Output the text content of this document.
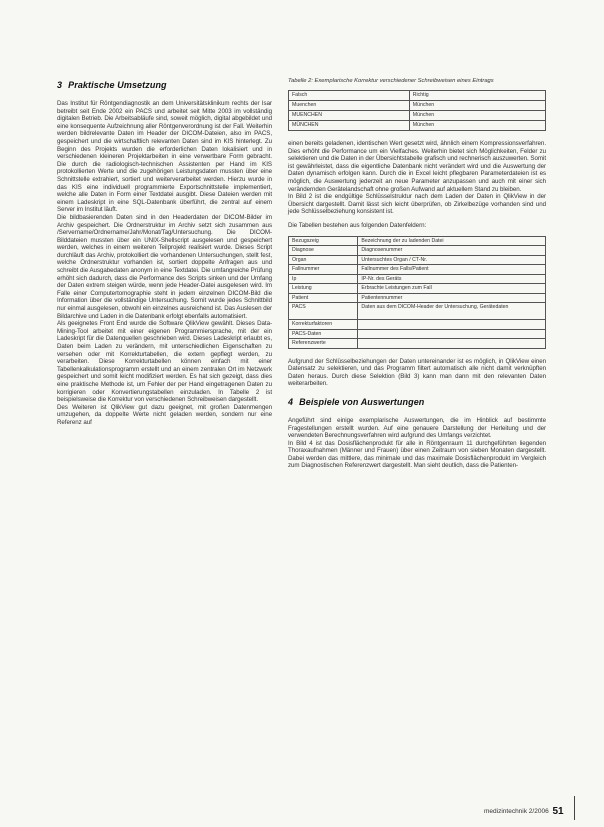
3 Praktische Umsetzung

Das Institut für Röntgendiagnostik an dem Universitätsklinikum rechts der Isar betreibt seit Ende 2002 ein PACS und arbeitet seit Mitte 2003 im vollständig digitalen Betrieb. Die Arbeitsabläufe sind, soweit möglich, digital abgebildet und eine konsequente Aufzeichnung aller Röntgenverordnung ist der Fall. Weiterhin werden bildrelevante Daten im Header der DICOM-Dateien, also im PACS, gespeichert und die wirtschaftlich relevanten Daten sind im KIS hinterlegt. Zu Beginn des Projekts wurden die erforderlichen Daten lokalisiert und in verschiedenen kleineren Projektarbeiten in eine verwertbare Form gebracht. Die durch die radiologisch-technischen Assistenten per Hand im KIS protokollierten Werte und die zugehörigen Leistungsdaten mussten über eine Schnittstelle extrahiert, sortiert und weiterverarbeitet werden. Hierzu wurde in das KIS eine individuell programmierte Exportschnittstelle implementiert, welche alle Daten in Form einer Textdatei ausgibt. Diese Dateien werden mit einem Ladeskript in eine SQL-Datenbank überführt, die zentral auf einem Server im Institut läuft.

Die bildbasierenden Daten sind in den Headerdaten der DICOM-Bilder im Archiv gespeichert. Die Ordnerstruktur im Archiv setzt sich zusammen aus /Servername/Ordnername/Jahr/Monat/Tag/Untersuchung. Die DICOM-Bilddateien mussten über ein UNIX-Shellscript ausgelesen und gespeichert werden, welches in einem weiteren Teilprojekt realisiert wurde. Dieses Script durchläuft das Archiv, protokolliert die vorhandenen Untersuchungen, stellt fest, welche Ordnerstruktur vorhanden ist, sortiert doppelte Anfragen aus und schreibt die Ausgabedaten anonym in eine Textdatei. Die umfangreiche Prüfung erhöht sich dadurch, dass die Performance des Scripts sinken und der Umfang der Daten extrem steigen würde, wenn jede Header-Datei ausgelesen wird. Im Falle einer Computertomographie steht in jedem einzelnen DICOM-Bild die Information über die vollständige Untersuchung. Somit wurde jedes Schnittbild nur einmal ausgelesen, obwohl ein einzelnes ausreichend ist. Das Auslesen der Bildarchive und Laden in die Datenbank erfolgt ebenfalls automatisiert.

Als geeignetes Front End wurde die Software QlikView gewählt. Dieses Data-Mining-Tool arbeitet mit einer eigenen Programmiersprache, mit der ein Ladeskript für die Datenquellen geschrieben wird. Dieses Ladeskript erlaubt es, Daten beim Laden zu verändern, mit unterschiedlichen Eigenschaften zu versehen oder mit Korrekturtabellen, die extern gepflegt werden, zu verarbeiten. Diese Korrekturtabellen können einfach mit einer Tabellenkalkulationsprogramm erstellt und an einem zentralen Ort im Netzwerk gespeichert und somit leicht modifiziert werden. Es hat sich gezeigt, dass dies eine praktische Methode ist, um Fehler der per Hand eingetragenen Daten zu korrigieren oder Konvertierungstabellen einzuladen. In Tabelle 2 ist beispielsweise die Korrektur von verschiedenen Schreibweisen dargestellt.

Des Weiteren ist QlikView gut dazu geeignet, mit großen Datenmengen umzugehen, da doppelte Werte nicht geladen werden, sondern nur eine Referenz auf

Tabelle 2: Exemplarische Korrektur verschiedener Schreibweisen eines Eintrags
Falsch	Richtig
Muenchen	München
MUENCHEN	München
MÜNCHEN	München

einen bereits geladenen, identischen Wert gesetzt wird, ähnlich einem Kompressionsverfahren. Dies erhöht die Performance um ein Vielfaches. Weiterhin bietet sich Möglichkeiten, Felder zu selektieren und die Daten in der Übersichtstabelle grafisch und rechnerisch auszuwerten. Somit ist gewährleistet, dass die eigentliche Datenbank nicht verändert wird und die Auswertung der Daten dynamisch erfolgen kann. Durch die in Excel leicht pflegbaren Parameterdateien ist es möglich, die Auswertung jederzeit an neue Parameter anzupassen und auch mit einer sich verändernden Gerätelandschaft ohne großen Aufwand auf aktuellem Stand zu bleiben.

In Bild 2 ist die endgültige Schlüsselstruktur nach dem Laden der Daten in QlikView in der Übersicht dargestellt. Damit lässt sich leicht überprüfen, ob Zirkelbezüge vorhanden sind und jede Schlüsselbeziehung konsistent ist.

Die Tabellen bestehen aus folgenden Datenfeldern:

Bezugszeig	Bezeichnung der zu ladenden Datei
Diagnose	Diagnosenummer
Organ	Untersuchtes Organ / CT-Nr.
Fallnummer	Fallnummer des Falls/Patient
Ip	IP-Nr. des Geräts
Leistung	Erbrachte Leistungen zum Fall
Patient	Patientennummer
PACS	Daten aus dem DICOM-Header der Untersuchung, Gerätedaten
Korrekturfaktoren	
PACS-Daten	
Referenzwerte	

Aufgrund der Schlüsselbeziehungen der Daten untereinander ist es möglich, in QlikView einen Datensatz zu selektieren, und das Programm filtert automatisch alle nicht damit verknüpften Daten heraus. Durch diese Selektion (Bild 3) kann man dann mit den relevanten Daten weiterarbeiten.

4 Beispiele von Auswertungen

Angeführt sind einige exemplarische Auswertungen, die im Hinblick auf bestimmte Fragestellungen erstellt wurden. Auf eine genauere Darstellung der Herleitung und der verwendeten Berechnungsverfahren wird aufgrund des Umfangs verzichtet.

In Bild 4 ist das Dosisflächenprodukt für alle in Röntgenraum 11 durchgeführten liegenden Thoraxaufnahmen (Männer und Frauen) über einen Zeitraum von sieben Monaten dargestellt. Dabei werden das mittlere, das minimale und das maximale Dosisflächenprodukt im Vergleich zum Diagnostischen Referenzwert dargestellt. Man sieht deutlich, dass die Patienten-

medizintechnik 2/2006 51
